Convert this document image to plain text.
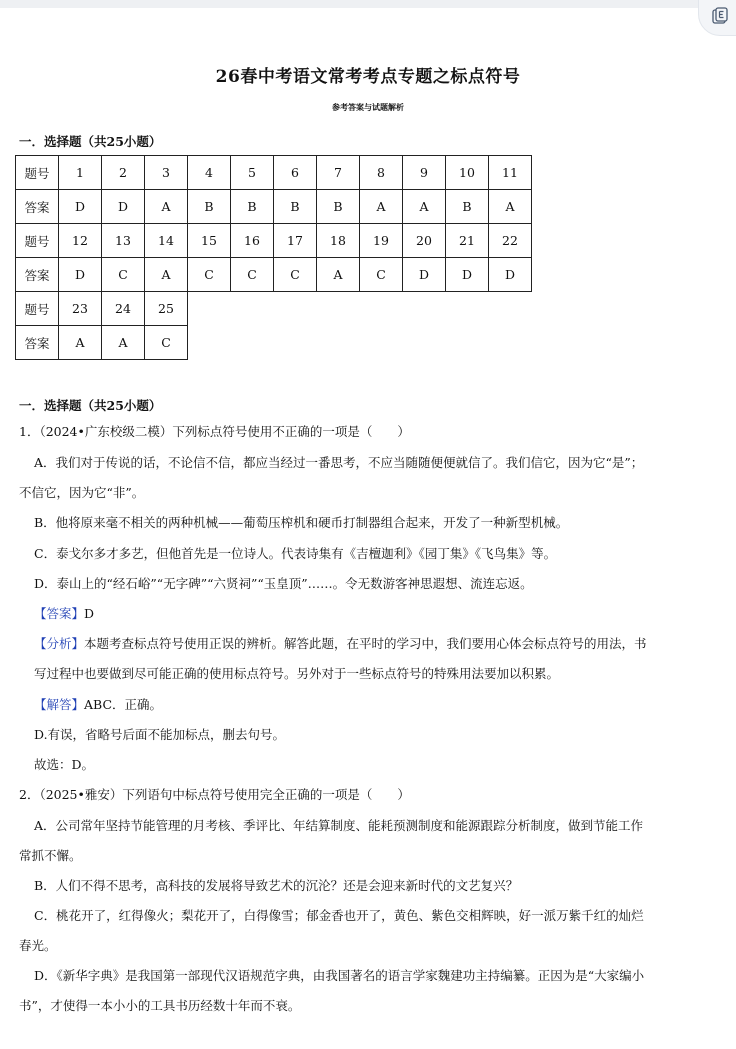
26春中考语文常考考点专题之标点符号
参考答案与试题解析
一．选择题（共25小题）
题号	1	2	3	4	5	6	7	8	9	10	11
答案	D	D	A	B	B	B	B	A	A	B	A
题号	12	13	14	15	16	17	18	19	20	21	22
答案	D	C	A	C	C	C	A	C	D	D	D
题号	23	24	25								
答案	A	A	C								
一．选择题（共25小题）
1．（2024•广东校级二模）下列标点符号使用不正确的一项是（　　）
A．我们对于传说的话，不论信不信，都应当经过一番思考，不应当随随便便就信了。我们信它，因为它“是”；
不信它，因为它“非”。
B．他将原来毫不相关的两种机械——葡萄压榨机和硬币打制器组合起来，开发了一种新型机械。
C．泰戈尔多才多艺，但他首先是一位诗人。代表诗集有《吉檀迦利》《园丁集》《飞鸟集》等。
D．泰山上的“经石峪”“无字碑”“六贤祠”“玉皇顶”……。令无数游客神思遐想、流连忘返。
【答案】D
【分析】本题考查标点符号使用正误的辨析。解答此题，在平时的学习中，我们要用心体会标点符号的用法，书
写过程中也要做到尽可能正确的使用标点符号。另外对于一些标点符号的特殊用法要加以积累。
【解答】ABC．正确。
D.有误，省略号后面不能加标点，删去句号。
故选：D。
2．（2025•雅安）下列语句中标点符号使用完全正确的一项是（　　）
A．公司常年坚持节能管理的月考核、季评比、年结算制度、能耗预测制度和能源跟踪分析制度，做到节能工作
常抓不懈。
B．人们不得不思考，高科技的发展将导致艺术的沉沦？还是会迎来新时代的文艺复兴？
C．桃花开了，红得像火；梨花开了，白得像雪；郁金香也开了，黄色、紫色交相辉映，好一派万紫千红的灿烂
春光。
D．《新华字典》是我国第一部现代汉语规范字典，由我国著名的语言学家魏建功主持编纂。正因为是“大家编小
书”，才使得一本小小的工具书历经数十年而不衰。
